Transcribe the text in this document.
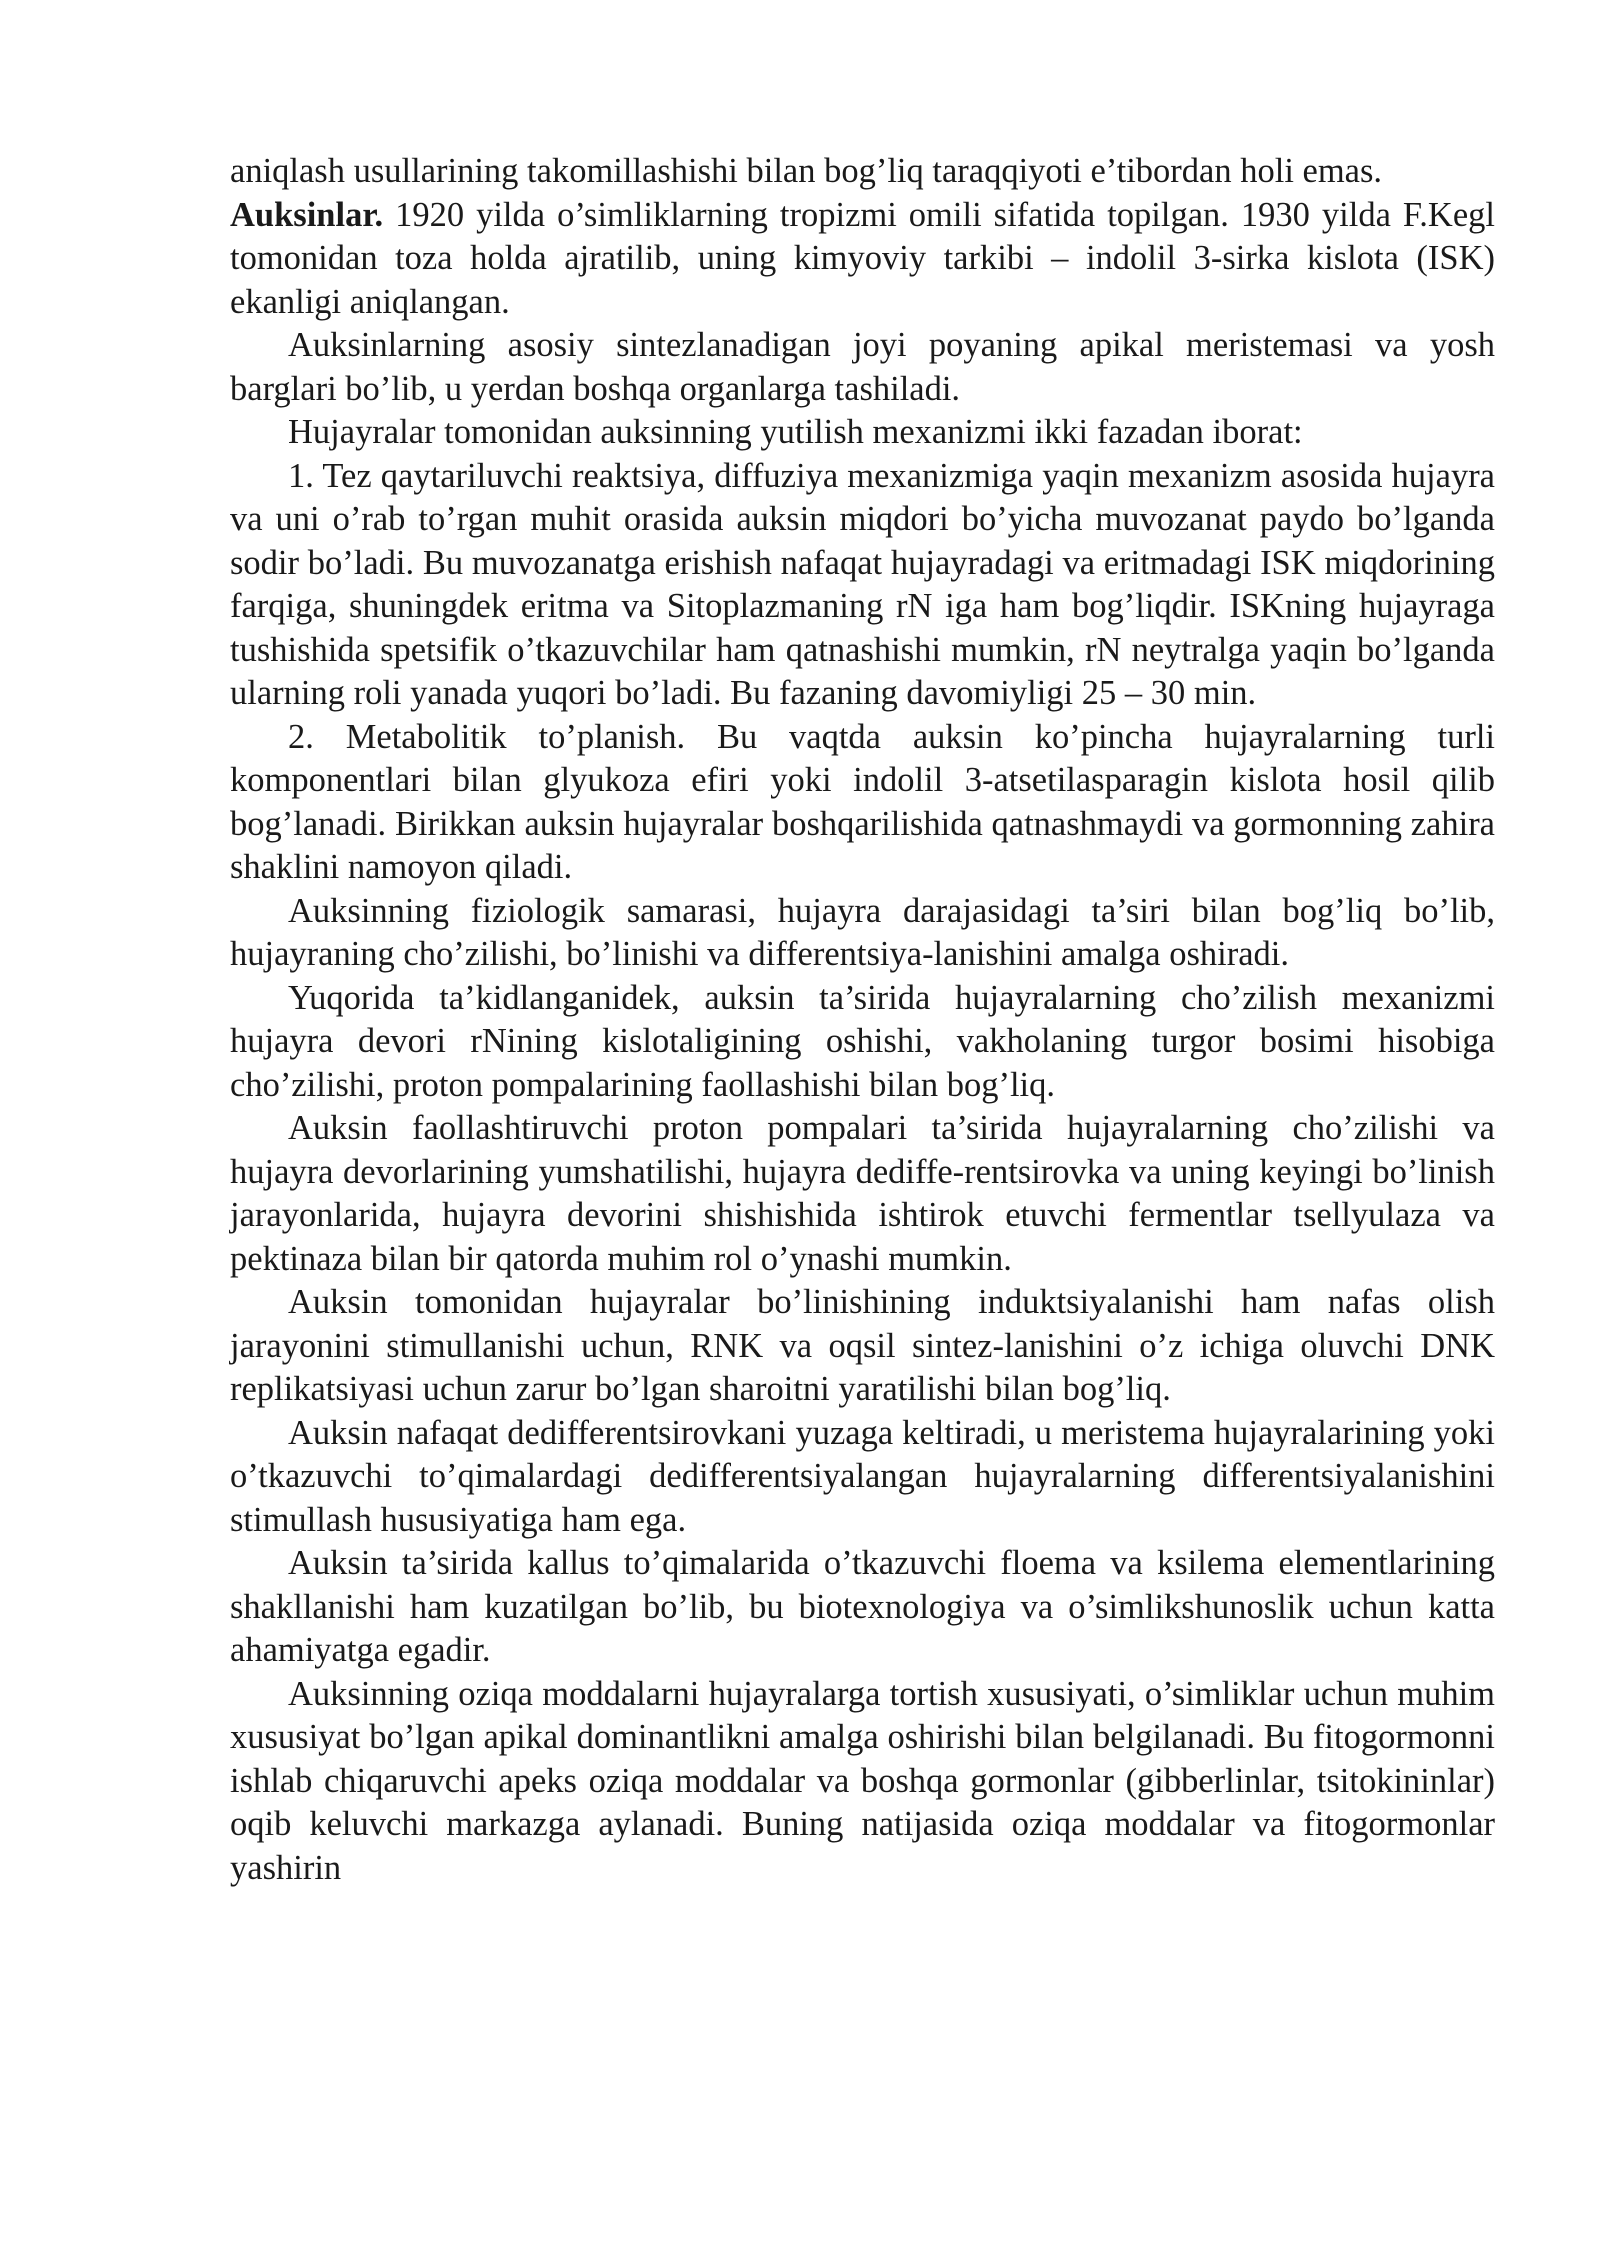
aniqlash usullarining takomillashishi bilan bog’liq taraqqiyoti e’tibordan holi emas.

Auksinlar. 1920 yilda o’simliklarning tropizmi omili sifatida topilgan. 1930 yilda F.Kegl tomonidan toza holda ajratilib, uning kimyoviy tarkibi – indolil 3-sirka kislota (ISK) ekanligi aniqlangan.

Auksinlarning asosiy sintezlanadigan joyi poyaning apikal meristemasi va yosh barglari bo’lib, u yerdan boshqa organlarga tashiladi.

Hujayralar tomonidan auksinning yutilish mexanizmi ikki fazadan iborat:

1. Tez qaytariluvchi reaktsiya, diffuziya mexanizmiga yaqin mexanizm asosida hujayra va uni o’rab to’rgan muhit orasida auksin miqdori bo’yicha muvozanat paydo bo’lganda sodir bo’ladi. Bu muvozanatga erishish nafaqat hujayradagi va eritmadagi ISK miqdorining farqiga, shuningdek eritma va Sitoplazmaning rN iga ham bog’liqdir. ISKning hujayraga tushishida spetsifik o’tkazuvchilar ham qatnashishi mumkin, rN neytralga yaqin bo’lganda ularning roli yanada yuqori bo’ladi. Bu fazaning davomiyligi 25 – 30 min.

2. Metabolitik to’planish. Bu vaqtda auksin ko’pincha hujayralarning turli komponentlari bilan glyukoza efiri yoki indolil 3-atsetilasparagin kislota hosil qilib bog’lanadi. Birikkan auksin hujayralar boshqarilishida qatnashmaydi va gormonning zahira shaklini namoyon qiladi.

Auksinning fiziologik samarasi, hujayra darajasidagi ta’siri bilan bog’liq bo’lib, hujayraning cho’zilishi, bo’linishi va differentsiya-lanishini amalga oshiradi.

Yuqorida ta’kidlanganidek, auksin ta’sirida hujayralarning cho’zilish mexanizmi hujayra devori rNining kislotaligining oshishi, vakholaning turgor bosimi hisobiga cho’zilishi, proton pompalarining faollashishi bilan bog’liq.

Auksin faollashtiruvchi proton pompalari ta’sirida hujayralarning cho’zilishi va hujayra devorlarining yumshatilishi, hujayra dediffe-rentsirovka va uning keyingi bo’linish jarayonlarida, hujayra devorini shishishida ishtirok etuvchi fermentlar tsellyulaza va pektinaza bilan bir qatorda muhim rol o’ynashi mumkin.

Auksin tomonidan hujayralar bo’linishining induktsiyalanishi ham nafas olish jarayonini stimullanishi uchun, RNK va oqsil sintez-lanishini o’z ichiga oluvchi DNK replikatsiyasi uchun zarur bo’lgan sharoitni yaratilishi bilan bog’liq.

Auksin nafaqat dedifferentsirovkani yuzaga keltiradi, u meristema hujayralarining yoki o’tkazuvchi to’qimalardagi dedifferentsiyalangan hujayralarning differentsiyalanishini stimullash hususiyatiga ham ega.

Auksin ta’sirida kallus to’qimalarida o’tkazuvchi floema va ksilema elementlarining shakllanishi ham kuzatilgan bo’lib, bu biotexnologiya va o’simlikshunoslik uchun katta ahamiyatga egadir.

Auksinning oziqa moddalarni hujayralarga tortish xususiyati, o’simliklar uchun muhim xususiyat bo’lgan apikal dominantlikni amalga oshirishi bilan belgilanadi. Bu fitogormonni ishlab chiqaruvchi apeks oziqa moddalar va boshqa gormonlar (gibberlinlar, tsitokininlar) oqib keluvchi markazga aylanadi. Buning natijasida oziqa moddalar va fitogormonlar yashirin
